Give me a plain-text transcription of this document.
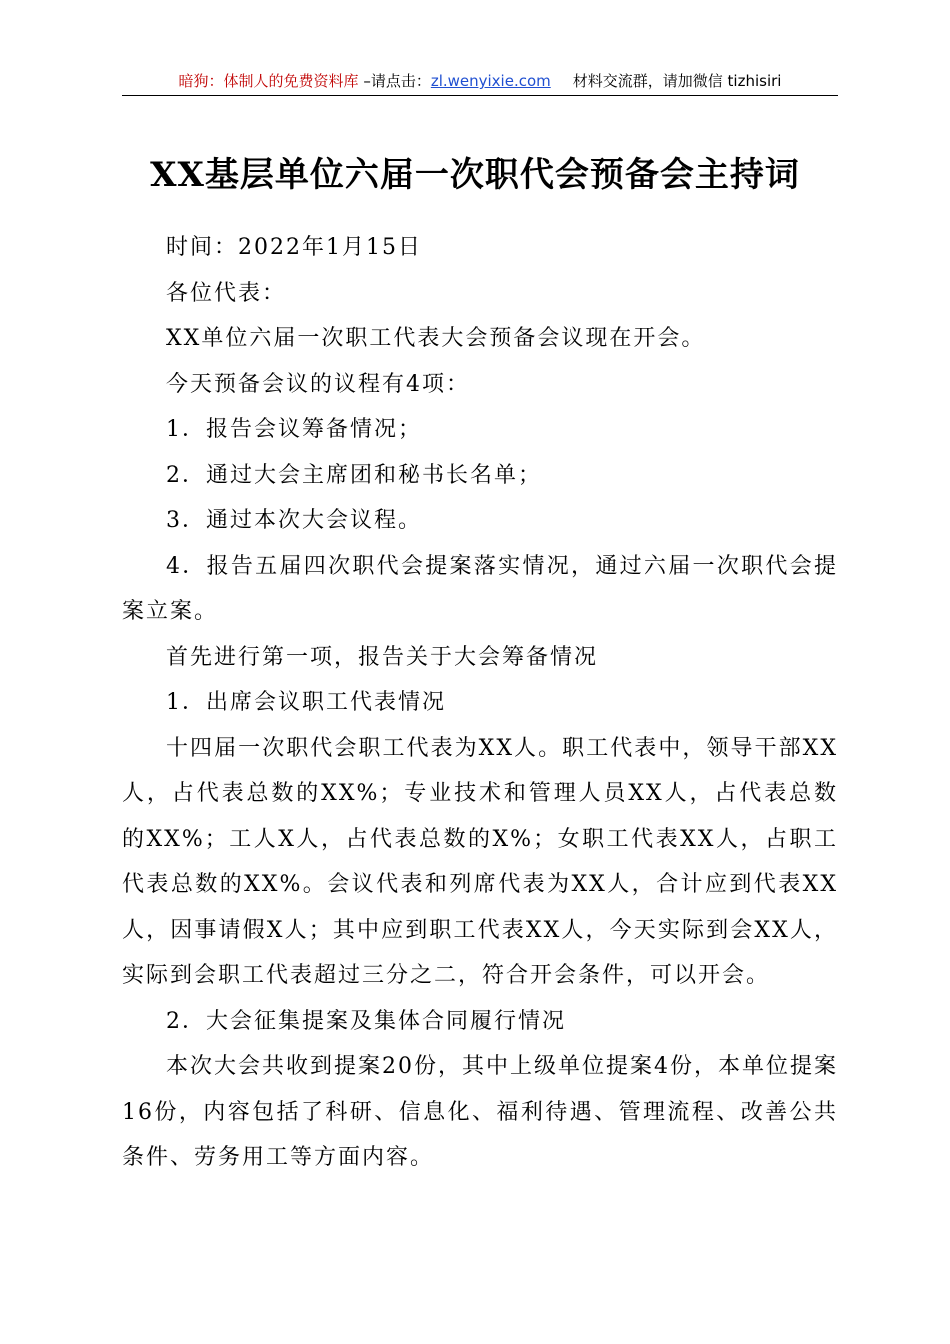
暗狗：体制人的免费资料库 –请点击：zl.wenyixie.com 材料交流群，请加微信 tizhisiri
XX基层单位六届一次职代会预备会主持词

时间：2022年1月15日

各位代表：

XX单位六届一次职工代表大会预备会议现在开会。

今天预备会议的议程有4项：

1．报告会议筹备情况；

2．通过大会主席团和秘书长名单；

3．通过本次大会议程。

4．报告五届四次职代会提案落实情况，通过六届一次职代会提案立案。

首先进行第一项，报告关于大会筹备情况

1．出席会议职工代表情况

十四届一次职代会职工代表为XX人。职工代表中，领导干部XX人，占代表总数的XX%；专业技术和管理人员XX人，占代表总数的XX%；工人X人，占代表总数的X%；女职工代表XX人，占职工代表总数的XX%。会议代表和列席代表为XX人，合计应到代表XX人，因事请假X人；其中应到职工代表XX人，今天实际到会XX人，实际到会职工代表超过三分之二，符合开会条件，可以开会。

2．大会征集提案及集体合同履行情况

本次大会共收到提案20份，其中上级单位提案4份，本单位提案16份，内容包括了科研、信息化、福利待遇、管理流程、改善公共条件、劳务用工等方面内容。
